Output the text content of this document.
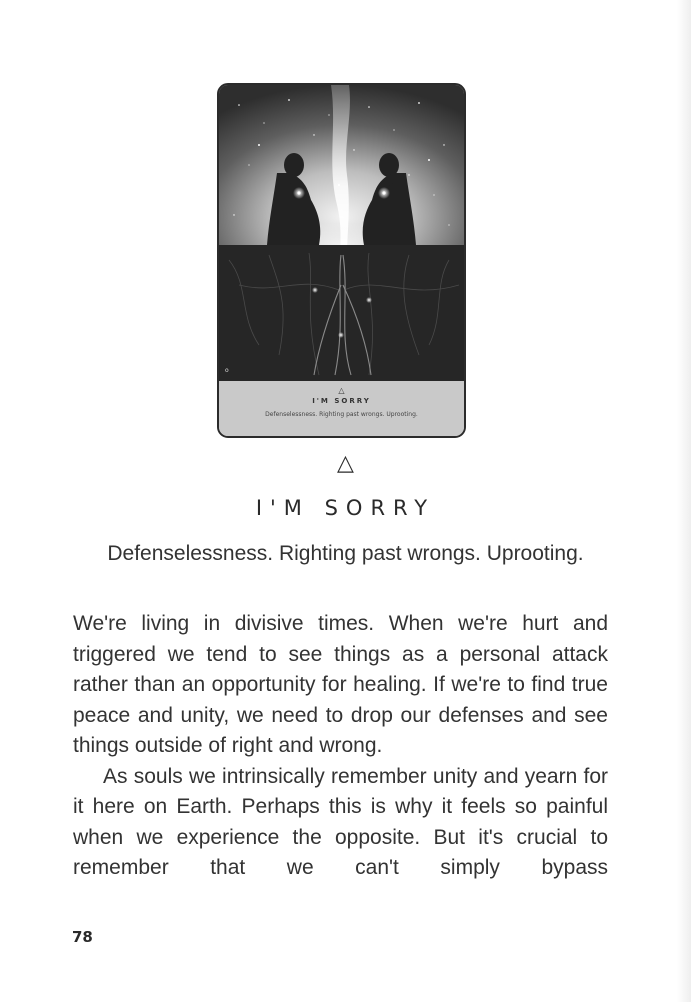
o
△
I'M SORRY
Defenselessness. Righting past wrongs. Uprooting.
△
I'M SORRY
Defenselessness. Righting past wrongs. Uprooting.

We're living in divisive times. When we're hurt and triggered we tend to see things as a personal attack rather than an opportunity for healing. If we're to find true peace and unity, we need to drop our defenses and see things outside of right and wrong.

As souls we intrinsically remember unity and yearn for it here on Earth. Perhaps this is why it feels so painful when we experience the opposite. But it's crucial to remember that we can't simply bypass

78
